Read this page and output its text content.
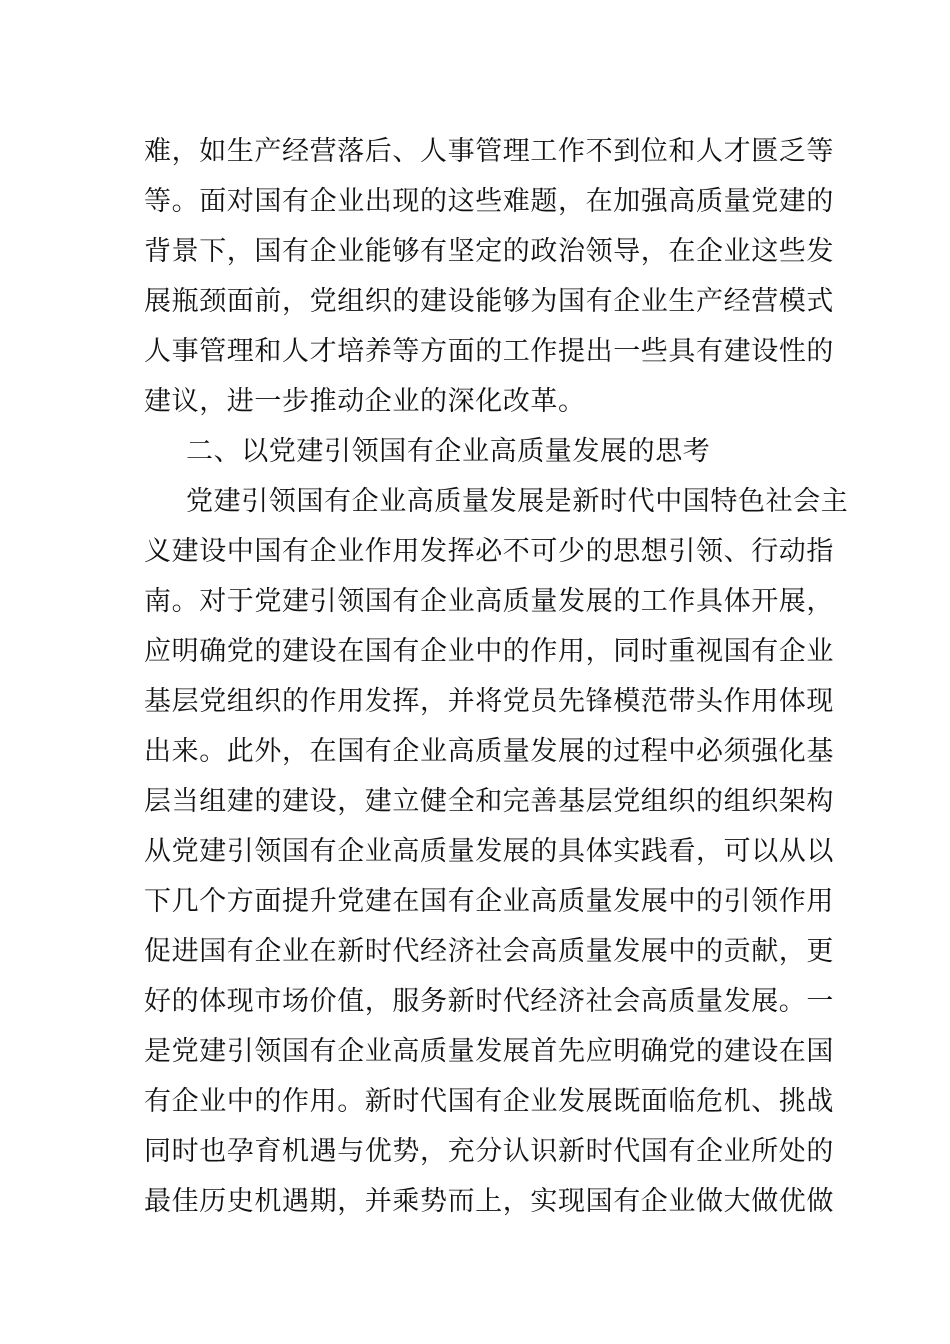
难，如生产经营落后、人事管理工作不到位和人才匮乏等
等。面对国有企业出现的这些难题，在加强高质量党建的
背景下，国有企业能够有坚定的政治领导，在企业这些发
展瓶颈面前，党组织的建设能够为国有企业生产经营模式
人事管理和人才培养等方面的工作提出一些具有建设性的
建议，进一步推动企业的深化改革。
二、以党建引领国有企业高质量发展的思考
党建引领国有企业高质量发展是新时代中国特色社会主
义建设中国有企业作用发挥必不可少的思想引领、行动指
南。对于党建引领国有企业高质量发展的工作具体开展，
应明确党的建设在国有企业中的作用，同时重视国有企业
基层党组织的作用发挥，并将党员先锋模范带头作用体现
出来。此外，在国有企业高质量发展的过程中必须强化基
层当组建的建设，建立健全和完善基层党组织的组织架构
从党建引领国有企业高质量发展的具体实践看，可以从以
下几个方面提升党建在国有企业高质量发展中的引领作用
促进国有企业在新时代经济社会高质量发展中的贡献，更
好的体现市场价值，服务新时代经济社会高质量发展。一
是党建引领国有企业高质量发展首先应明确党的建设在国
有企业中的作用。新时代国有企业发展既面临危机、挑战
同时也孕育机遇与优势，充分认识新时代国有企业所处的
最佳历史机遇期，并乘势而上，实现国有企业做大做优做
